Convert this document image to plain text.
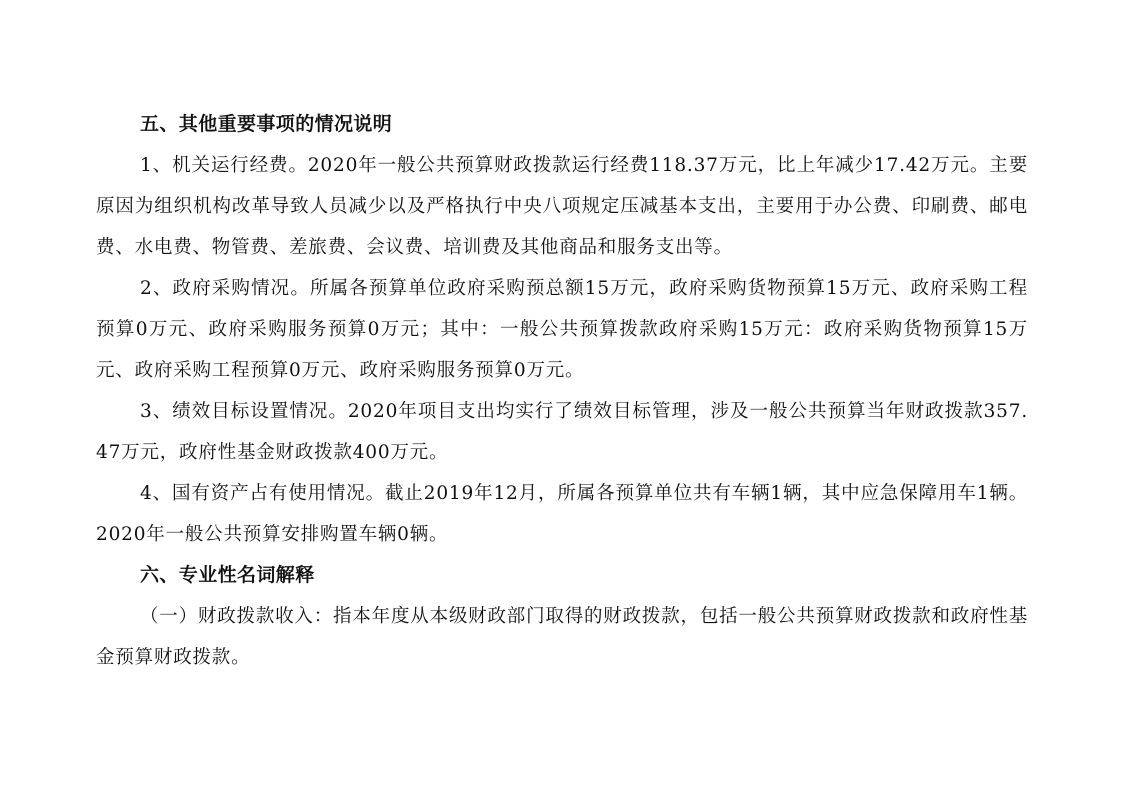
五、其他重要事项的情况说明

1、机关运行经费。2020年一般公共预算财政拨款运行经费118.37万元，比上年减少17.42万元。主要原因为组织机构改革导致人员减少以及严格执行中央八项规定压减基本支出，主要用于办公费、印刷费、邮电费、水电费、物管费、差旅费、会议费、培训费及其他商品和服务支出等。

2、政府采购情况。所属各预算单位政府采购预总额15万元，政府采购货物预算15万元、政府采购工程预算0万元、政府采购服务预算0万元；其中：一般公共预算拨款政府采购15万元：政府采购货物预算15万元、政府采购工程预算0万元、政府采购服务预算0万元。

3、绩效目标设置情况。2020年项目支出均实行了绩效目标管理，涉及一般公共预算当年财政拨款357.47万元，政府性基金财政拨款400万元。

4、国有资产占有使用情况。截止2019年12月，所属各预算单位共有车辆1辆，其中应急保障用车1辆。2020年一般公共预算安排购置车辆0辆。

六、专业性名词解释

（一）财政拨款收入：指本年度从本级财政部门取得的财政拨款，包括一般公共预算财政拨款和政府性基金预算财政拨款。
